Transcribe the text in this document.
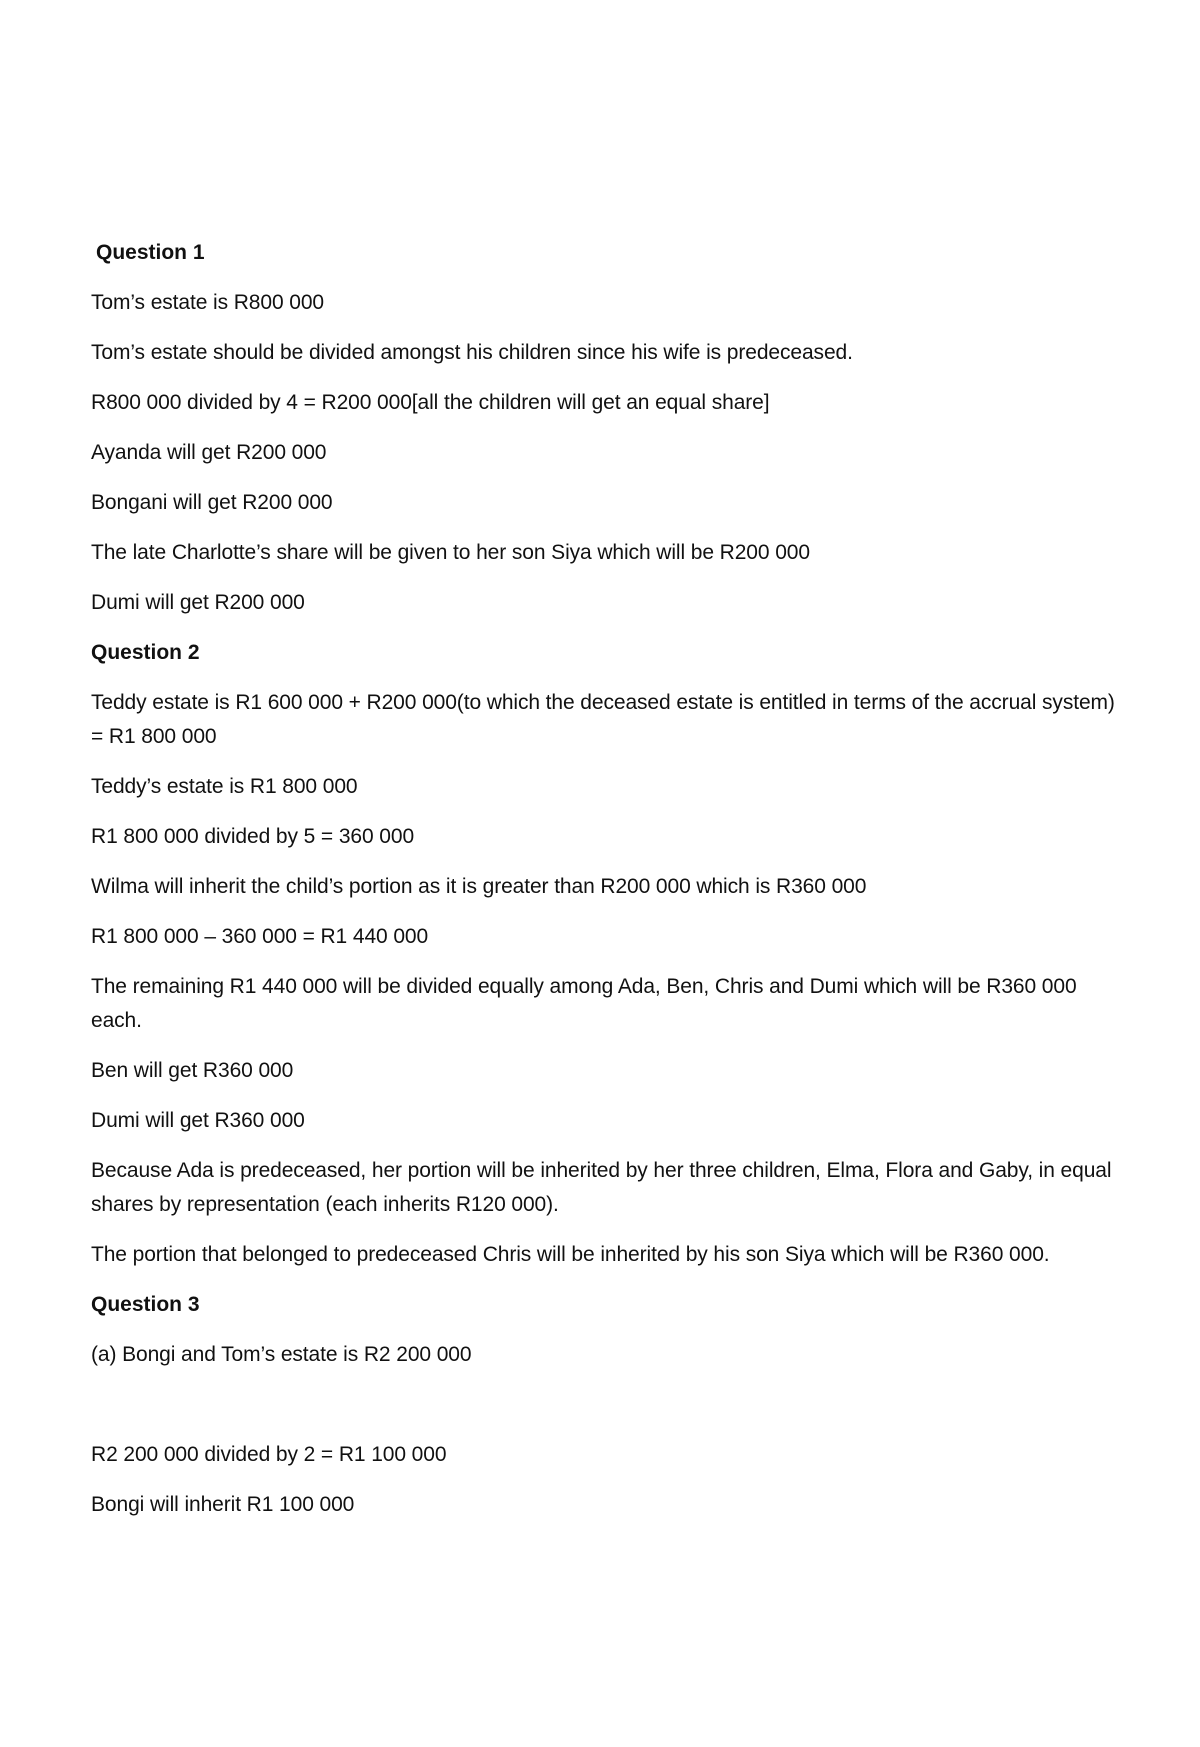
Question 1
Tom’s estate is R800 000
Tom’s estate should be divided amongst his children since his wife is predeceased.
R800 000 divided by 4 = R200 000[all the children will get an equal share]
Ayanda will get R200 000
Bongani will get R200 000
The late Charlotte’s share will be given to her son Siya which will be R200 000
Dumi will get R200 000
Question 2
Teddy estate is R1 600 000 + R200 000(to which the deceased estate is entitled in terms of the accrual system) = R1 800 000
Teddy’s estate is R1 800 000
R1 800 000 divided by 5 = 360 000
Wilma will inherit the child’s portion as it is greater than R200 000 which is R360 000
R1 800 000 – 360 000 = R1 440 000
The remaining R1 440 000 will be divided equally among Ada, Ben, Chris and Dumi which will be R360 000 each.
Ben will get R360 000
Dumi will get R360 000
Because Ada is predeceased, her portion will be inherited by her three children, Elma, Flora and Gaby, in equal shares by representation (each inherits R120 000).
The portion that belonged to predeceased Chris will be inherited by his son Siya which will be R360 000.
Question 3
(a) Bongi and Tom’s estate is R2 200 000
R2 200 000 divided by 2 = R1 100 000
Bongi will inherit R1 100 000
